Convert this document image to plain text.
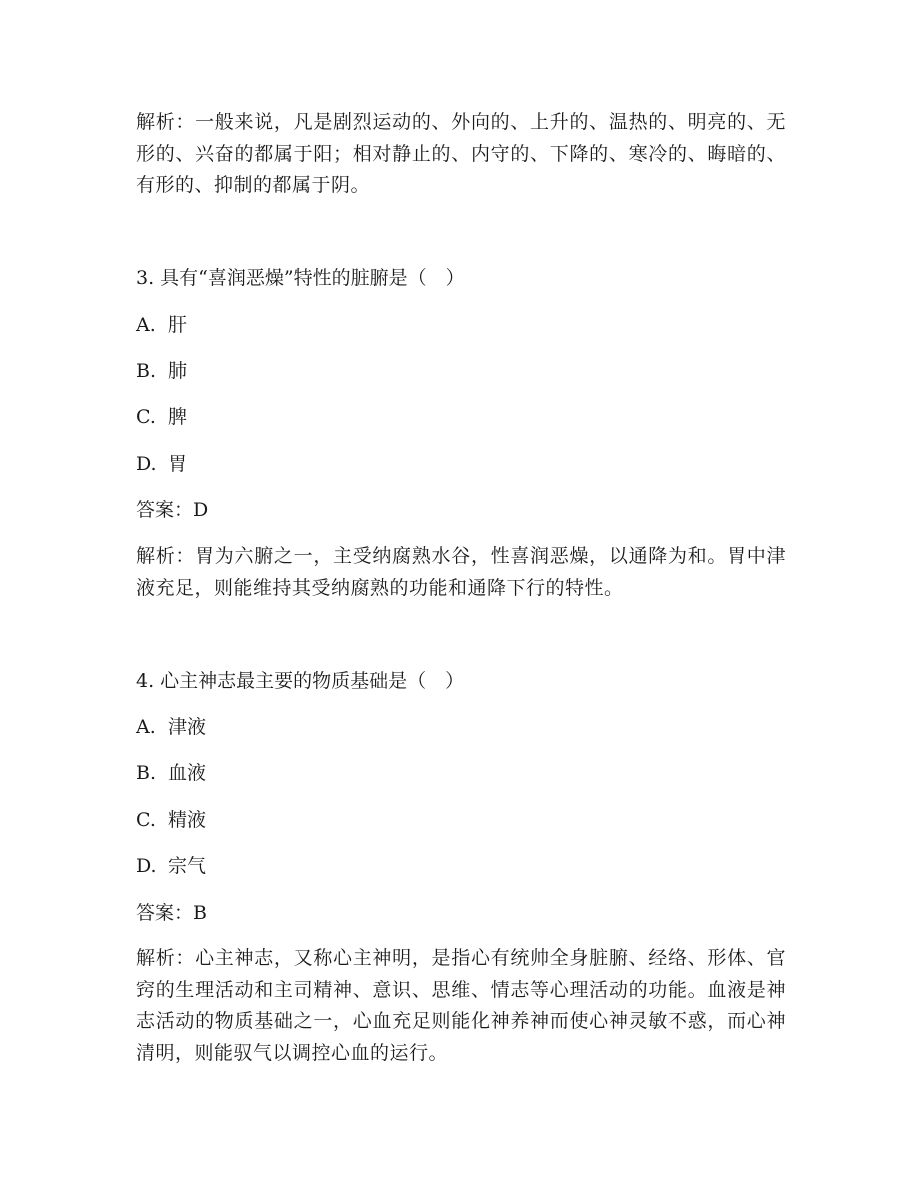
解析：一般来说，凡是剧烈运动的、外向的、上升的、温热的、明亮的、无形的、兴奋的都属于阳；相对静止的、内守的、下降的、寒冷的、晦暗的、有形的、抑制的都属于阴。
3. 具有“喜润恶燥”特性的脏腑是（　）
A. 肝
B. 肺
C. 脾
D. 胃
答案：D
解析：胃为六腑之一，主受纳腐熟水谷，性喜润恶燥，以通降为和。胃中津液充足，则能维持其受纳腐熟的功能和通降下行的特性。
4. 心主神志最主要的物质基础是（　）
A. 津液
B. 血液
C. 精液
D. 宗气
答案：B
解析：心主神志，又称心主神明，是指心有统帅全身脏腑、经络、形体、官窍的生理活动和主司精神、意识、思维、情志等心理活动的功能。血液是神志活动的物质基础之一，心血充足则能化神养神而使心神灵敏不惑，而心神清明，则能驭气以调控心血的运行。
